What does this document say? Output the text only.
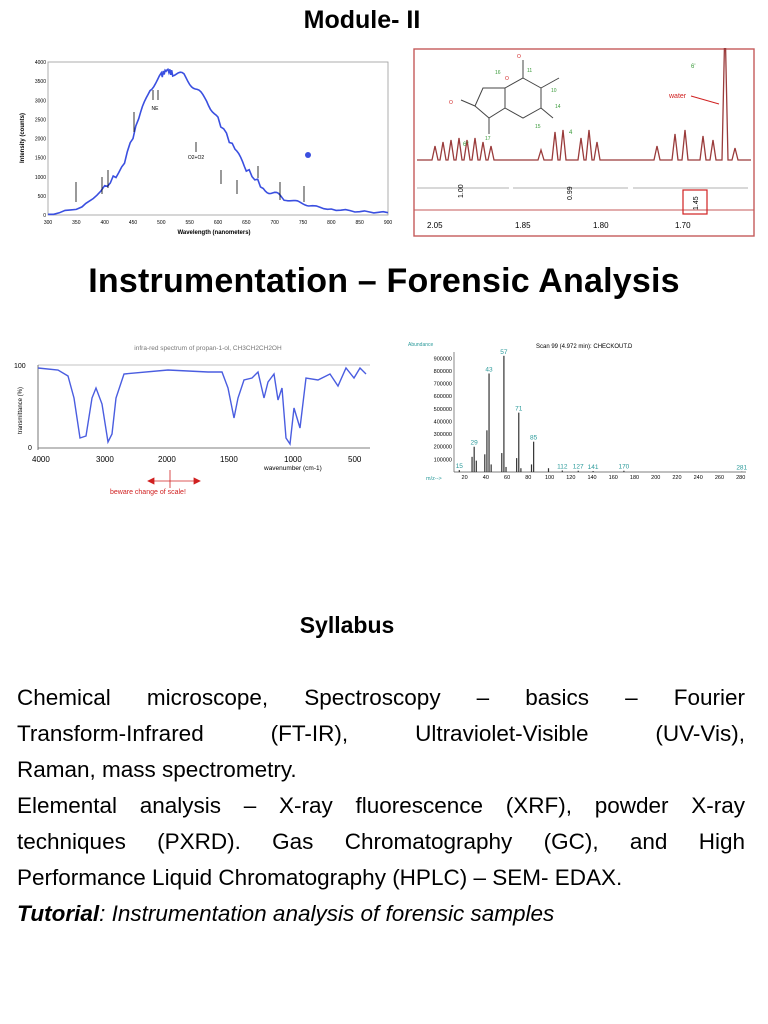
Module- II
300	350	400	450	500	550	600	650	700	750	800	850	900
0
500
1000
1500
2000
2500
3000
3500
4000
Wavelength (nanometers)
Intensity (counts)
NE
O2+O2
16	11
10
14
17
15
O
O
O
water
6''
4
6'
1.00	0.99
1.45
2.05	1.85	1.80	1.70
Instrumentation – Forensic Analysis
infra-red spectrum of propan-1-ol, CH3CH2CH2OH
100
0
transmittance (%)
4000	3000	2000	1500	1000	500
wavenumber (cm-1)
beware change of scale!
Abundance	Scan 99 (4.972 min): CHECKOUT.D
100000
200000
300000
400000
500000
600000
700000
800000
900000
20	40	60	80 100 120 140 160 180 200 220 240 260 280
15
29
43
57
71
85
112 127 141	170	281
m/z-->
Syllabus

Chemical microscope, Spectroscopy – basics – Fourier

Transform-Infrared (FT-IR), Ultraviolet-Visible (UV-Vis),

Raman, mass spectrometry.

Elemental analysis – X-ray fluorescence (XRF), powder X-ray

techniques (PXRD). Gas Chromatography (GC), and High

Performance Liquid Chromatography (HPLC) – SEM- EDAX.

Tutorial: Instrumentation analysis of forensic samples
